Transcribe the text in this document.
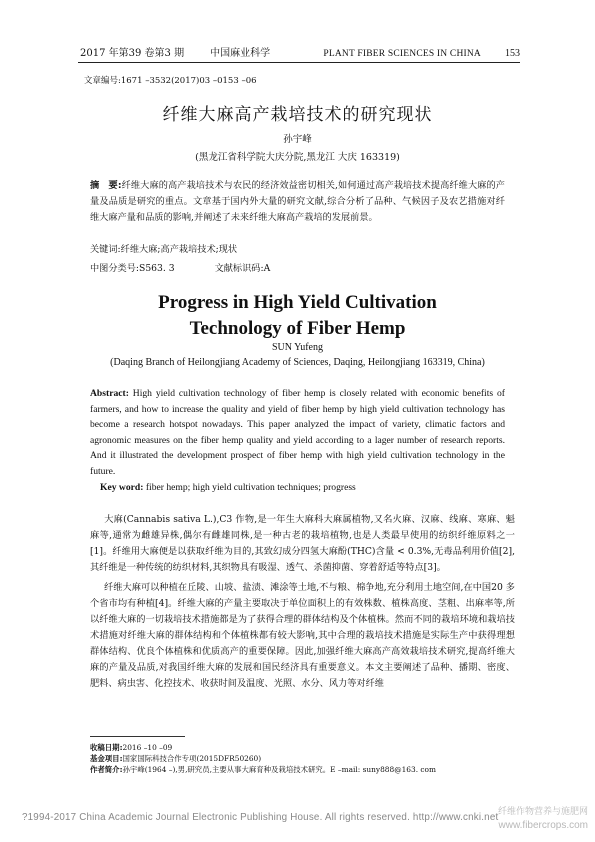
2017 年第39 卷第3 期	中国麻业科学	PLANT FIBER SCIENCES IN CHINA 153
文章编号:1671 –3532(2017)03 –0153 –06
纤维大麻高产栽培技术的研究现状
孙宇峰
(黑龙江省科学院大庆分院,黑龙江 大庆 163319)
摘　要:纤维大麻的高产栽培技术与农民的经济效益密切相关,如何通过高产栽培技术提高纤维大麻的产量及品质是研究的重点。文章基于国内外大量的研究文献,综合分析了品种、气候因子及农艺措施对纤维大麻产量和品质的影响,并阐述了未来纤维大麻高产栽培的发展前景。
关键词:纤维大麻;高产栽培技术;现状
中图分类号:S563. 3	文献标识码:A
Progress in High Yield Cultivation
Technology of Fiber Hemp
SUN Yufeng
(Daqing Branch of Heilongjiang Academy of Sciences, Daqing, Heilongjiang 163319, China)
Abstract: High yield cultivation technology of fiber hemp is closely related with economic benefits of farmers, and how to increase the quality and yield of fiber hemp by high yield cultivation technology has become a research hotspot nowadays. This paper analyzed the impact of variety, climatic factors and agronomic measures on the fiber hemp quality and yield according to a lager number of research reports. And it illustrated the development prospect of fiber hemp with high yield cultivation technology in the future.
Key word: fiber hemp; high yield cultivation techniques; progress
大麻(Cannabis sativa L.),C3 作物,是一年生大麻科大麻属植物,又名火麻、汉麻、线麻、寒麻、魁麻等,通常为雌雄异株,偶尔有雌雄同株,是一种古老的栽培植物,也是人类最早使用的纺织纤维原料之一[1]。纤维用大麻便是以获取纤维为目的,其致幻成分四氢大麻酚(THC)含量 < 0.3%,无毒品利用价值[2],其纤维是一种传统的纺织材料,其织物具有吸湿、透气、杀菌抑菌、穿着舒适等特点[3]。
纤维大麻可以种植在丘陵、山坡、盐渍、滩涂等土地,不与粮、棉争地,充分利用土地空间,在中国20 多个省市均有种植[4]。纤维大麻的产量主要取决于单位面积上的有效株数、植株高度、茎粗、出麻率等,所以纤维大麻的一切栽培技术措施都是为了获得合理的群体结构及个体植株。然而不同的栽培环境和栽培技术措施对纤维大麻的群体结构和个体植株都有较大影响,其中合理的栽培技术措施是实际生产中获得理想群体结构、优良个体植株和优质高产的重要保障。因此,加强纤维大麻高产高效栽培技术研究,提高纤维大麻的产量及品质,对我国纤维大麻的发展和国民经济具有重要意义。本文主要阐述了品种、播期、密度、肥料、病虫害、化控技术、收获时间及温度、光照、水分、风力等对纤维
收稿日期:2016 –10 –09
基金项目:国家国际科技合作专项(2015DFR50260)
作者简介:孙宇峰(1964 –),男,研究员,主要从事大麻育种及栽培技术研究。E –mail: suny888@163. com
?1994-2017 China Academic Journal Electronic Publishing House. All rights reserved. http://www.cnki.net 纤维作物营养与施肥网
www.fibercrops.com
